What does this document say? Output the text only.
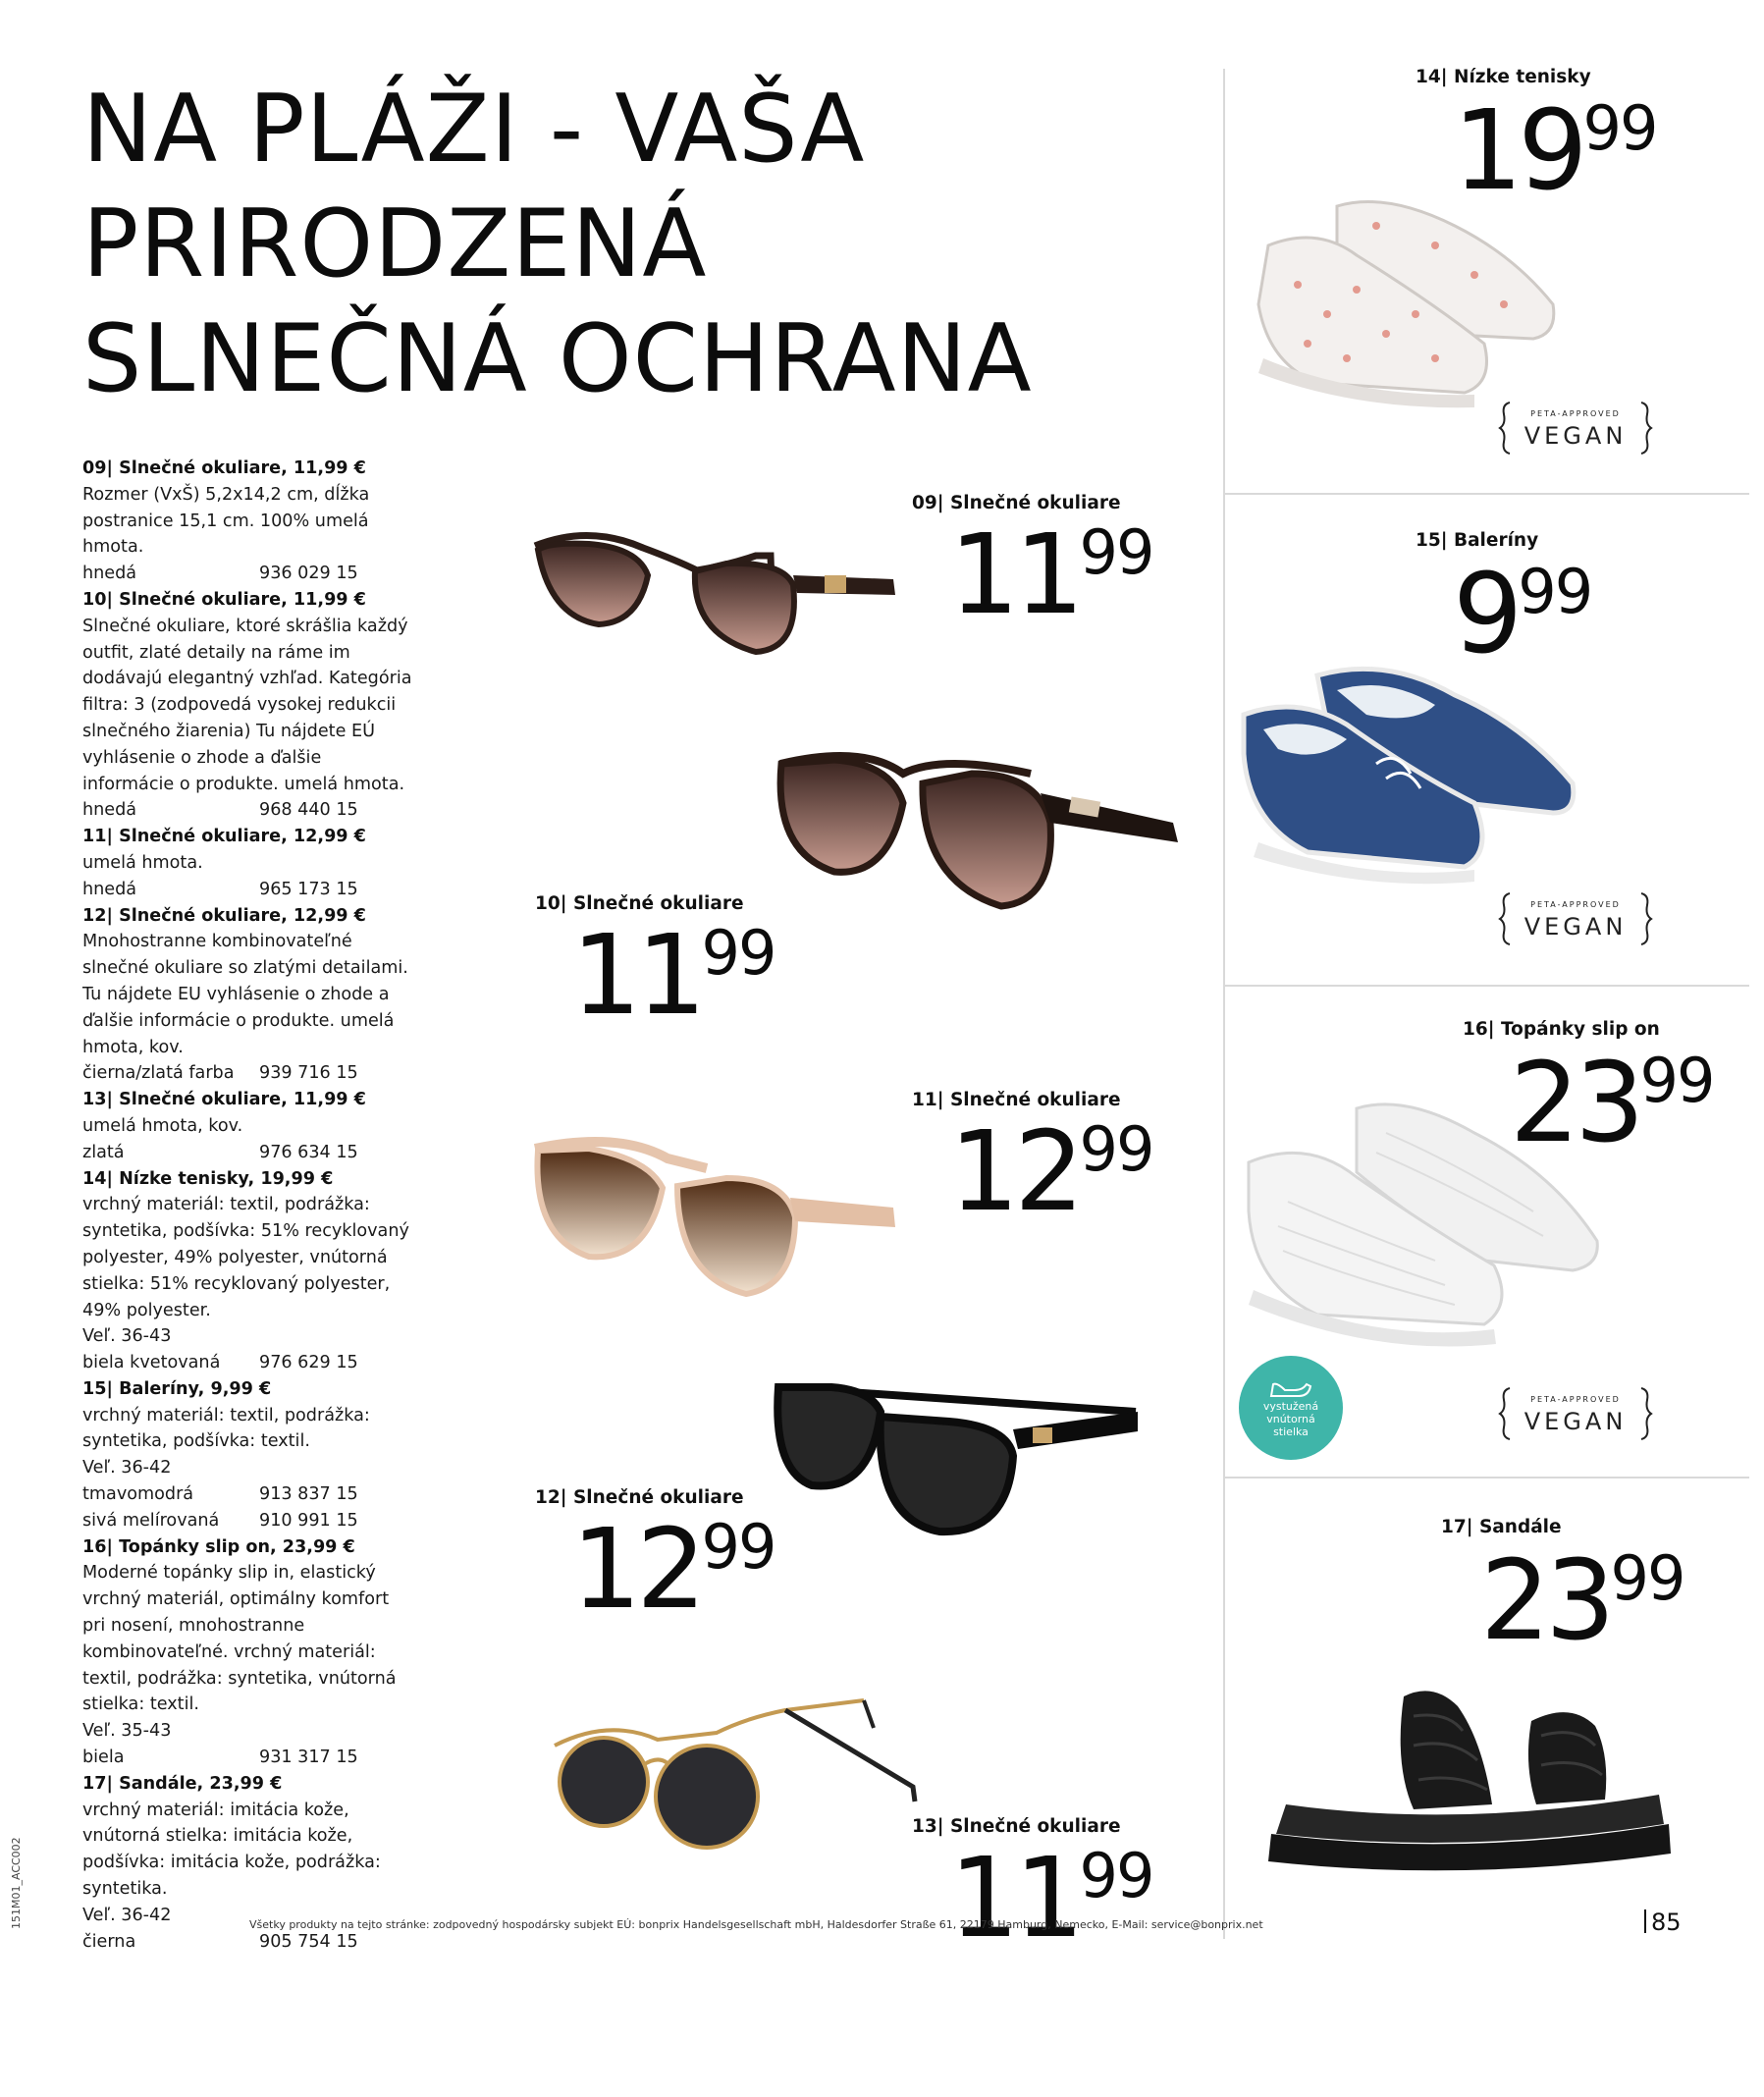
NA PLÁŽI - VAŠA
PRIRODZENÁ
SLNEČNÁ OCHRANA
09| Slnečné okuliare, 11,99 €
Rozmer (VxŠ) 5,2x14,2 cm, dĺžka postranice 15,1 cm. 100% umelá hmota.
hnedá	936 029 15
10| Slnečné okuliare, 11,99 €
Slnečné okuliare, ktoré skrášlia každý outfit, zlaté detaily na ráme im dodávajú elegantný vzhľad. Kategória filtra: 3 (zodpovedá vysokej redukcii slnečného žiarenia) Tu nájdete EÚ vyhlásenie o zhode a ďalšie informácie o produkte. umelá hmota.
hnedá	968 440 15
11| Slnečné okuliare, 12,99 €
umelá hmota.
hnedá	965 173 15
12| Slnečné okuliare, 12,99 €
Mnohostranne kombinovateľné slnečné okuliare so zlatými detailami. Tu nájdete EU vyhlásenie o zhode a ďalšie informácie o produkte. umelá hmota, kov.
čierna/zlatá farba	939 716 15
13| Slnečné okuliare, 11,99 €
umelá hmota, kov.
zlatá	976 634 15
14| Nízke tenisky, 19,99 €
vrchný materiál: textil, podrážka: syntetika, podšívka: 51% recyklovaný polyester, 49% polyester, vnútorná stielka: 51% recyklovaný polyester, 49% polyester.
Veľ. 36-43
biela kvetovaná	976 629 15
15| Baleríny, 9,99 €
vrchný materiál: textil, podrážka: syntetika, podšívka: textil.
Veľ. 36-42
tmavomodrá	913 837 15
sivá melírovaná	910 991 15
16| Topánky slip on, 23,99 €
Moderné topánky slip in, elastický vrchný materiál, optimálny komfort pri nosení, mnohostranne kombinovateľné. vrchný materiál: textil, podrážka: syntetika, vnútorná stielka: textil.
Veľ. 35-43
biela	931 317 15
17| Sandále, 23,99 €
vrchný materiál: imitácia kože, vnútorná stielka: imitácia kože, podšívka: imitácia kože, podrážka: syntetika.
Veľ. 36-42
čierna	905 754 15
09| Slnečné okuliare
1199
10| Slnečné okuliare
1199
11| Slnečné okuliare
1299
12| Slnečné okuliare
1299
13| Slnečné okuliare
1199
14| Nízke tenisky
1999
PETA-APPROVED
VEGAN
15| Baleríny
999
PETA-APPROVED
VEGAN
16| Topánky slip on
2399
vystužená
vnútorná
stielka
PETA-APPROVED
VEGAN
17| Sandále
2399
Všetky produkty na tejto stránke: zodpovedný hospodársky subjekt EÚ: bonprix Handelsgesellschaft mbH, Haldesdorfer Straße 61, 22179 Hamburg, Nemecko, E-Mail: service@bonprix.net	85
151M01_ACC002
